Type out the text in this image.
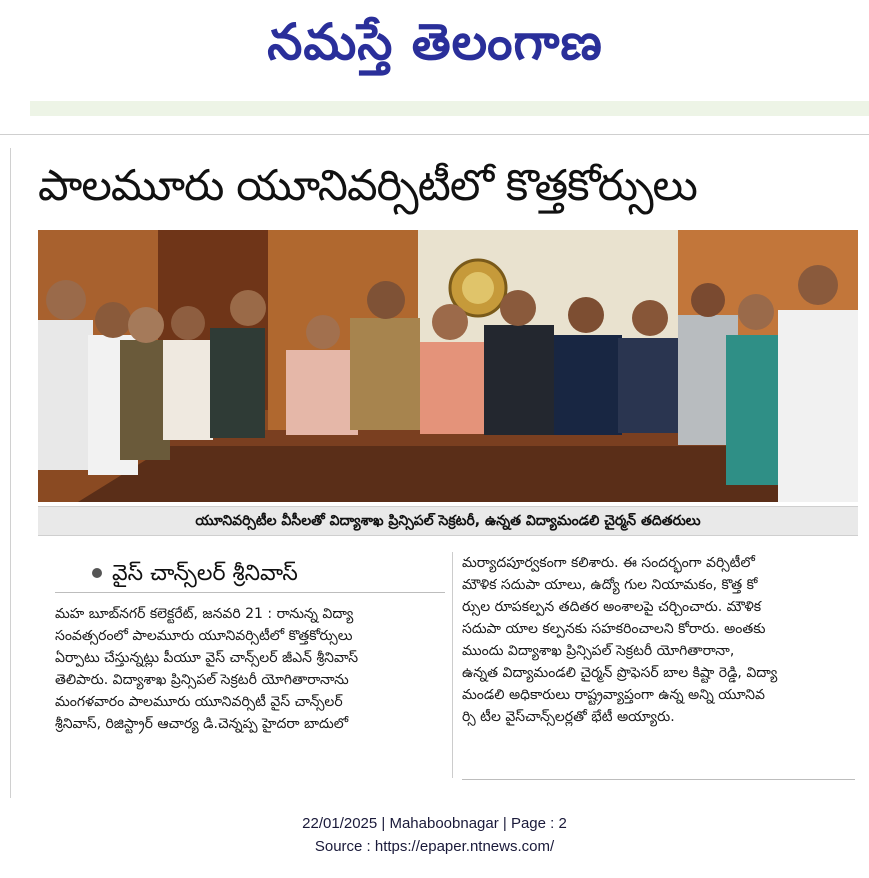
నమస్తే తెలంగాణ
పాలమూరు యూనివర్సిటీలో కొత్తకోర్సులు
యూనివర్సిటీల వీసీలతో విద్యాశాఖ ప్రిన్సిపల్ సెక్రటరీ, ఉన్నత విద్యామండలి చైర్మన్ తదితరులు
వైస్ చాన్స్‌లర్ శ్రీనివాస్
మహ బూబ్‌నగర్ కలెక్టరేట్, జనవరి 21 : రానున్న విద్యా
సంవత్సరంలో పాలమూరు యూనివర్సిటీలో కొత్తకోర్సులు
ఏర్పాటు చేస్తున్నట్లు పీయూ వైస్ చాన్స్‌లర్ జీఎన్ శ్రీనివాస్
తెలిపారు. విద్యాశాఖ ప్రిన్సిపల్ సెక్రటరీ యోగితారానాను
మంగళవారం పాలమూరు యూనివర్సిటీ వైస్ చాన్స్‌లర్
శ్రీనివాస్, రిజిస్ట్రార్ ఆచార్య డి.చెన్నప్ప హైదరా బాదులో
మర్యాదపూర్వకంగా కలిశారు. ఈ సందర్భంగా వర్సిటీలో
మౌళిక సదుపా యాలు, ఉద్యో గుల నియామకం, కొత్త కో
ర్సుల రూపకల్పన తదితర అంశాలపై చర్చించారు. మౌళిక
సదుపా యాల కల్పనకు సహకరించాలని కోరారు. అంతకు
ముందు విద్యాశాఖ ప్రిన్సిపల్ సెక్రటరీ యోగితారానా,
ఉన్నత విద్యామండలి చైర్మన్ ప్రొఫెసర్ బాల కిష్టా రెడ్డి, విద్యా
మండలి అధికారులు రాష్ట్రవ్యాప్తంగా ఉన్న అన్ని యూనివ
ర్సి టీల వైస్‌చాన్స్‌లర్లతో భేటీ అయ్యారు.
22/01/2025 | Mahaboobnagar | Page : 2
Source : https://epaper.ntnews.com/
